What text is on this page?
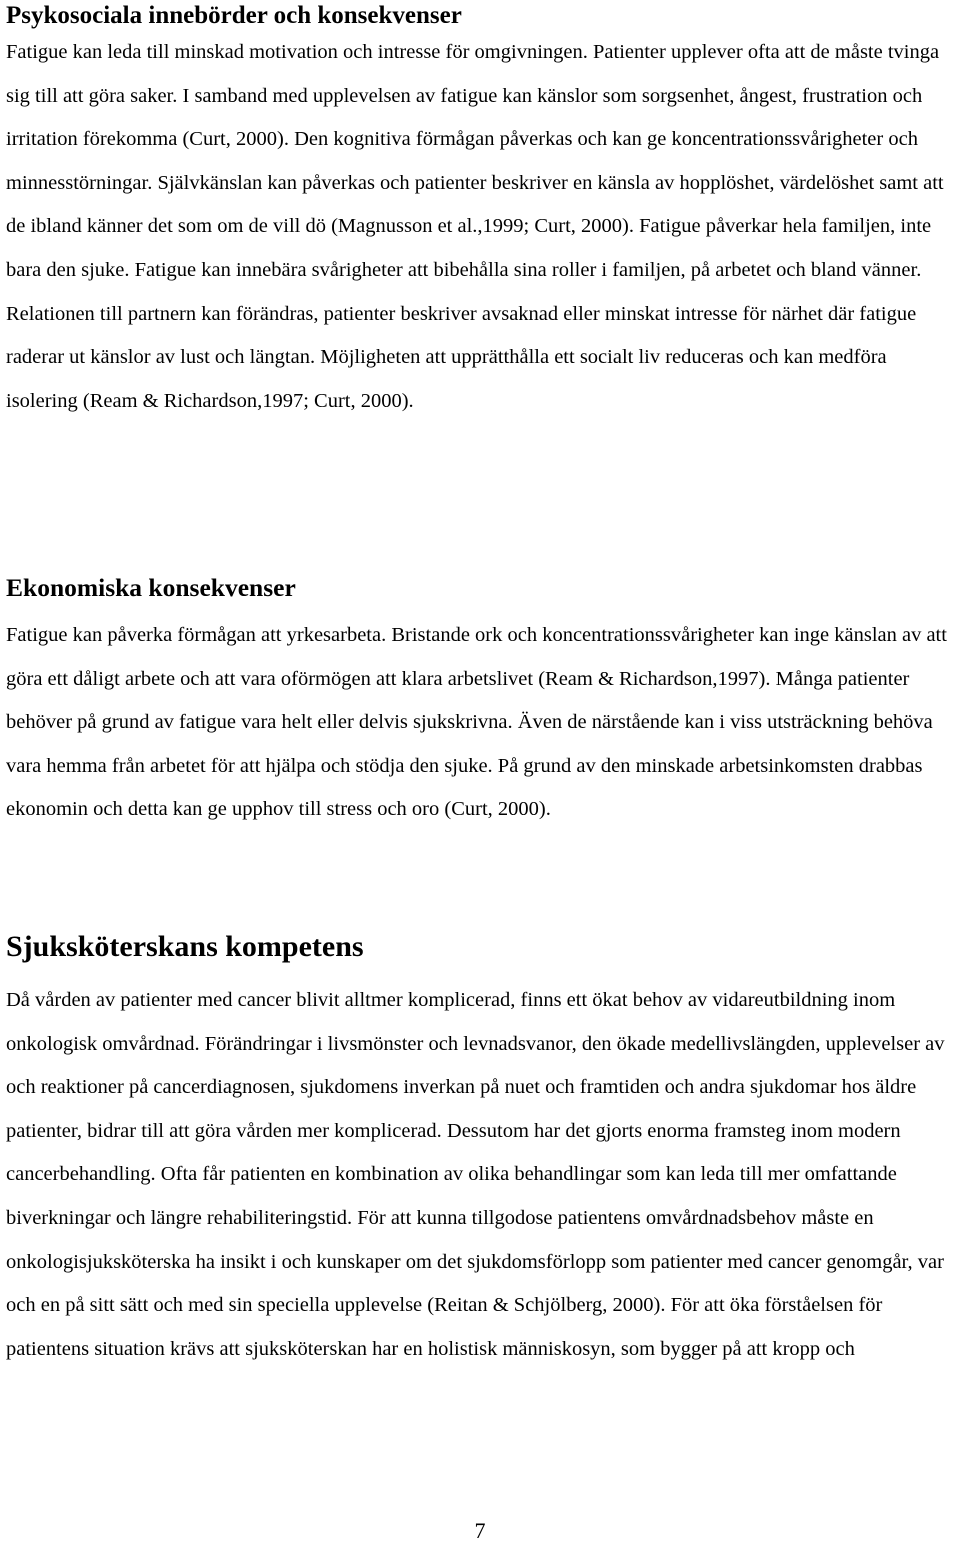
Psykosociala innebörder och konsekvenser

Fatigue kan leda till minskad motivation och intresse för omgivningen. Patienter upplever ofta att de måste tvinga sig till att göra saker. I samband med upplevelsen av fatigue kan känslor som sorgsenhet, ångest, frustration och irritation förekomma (Curt, 2000). Den kognitiva förmågan påverkas och kan ge koncentrationssvårigheter och minnesstörningar. Självkänslan kan påverkas och patienter beskriver en känsla av hopplöshet, värdelöshet samt att de ibland känner det som om de vill dö (Magnusson et al.,1999; Curt, 2000). Fatigue påverkar hela familjen, inte bara den sjuke. Fatigue kan innebära svårigheter att bibehålla sina roller i familjen, på arbetet och bland vänner. Relationen till partnern kan förändras, patienter beskriver avsaknad eller minskat intresse för närhet där fatigue raderar ut känslor av lust och längtan. Möjligheten att upprätthålla ett socialt liv reduceras och kan medföra isolering (Ream & Richardson,1997; Curt, 2000).

Ekonomiska konsekvenser

Fatigue kan påverka förmågan att yrkesarbeta. Bristande ork och koncentrationssvårigheter kan inge känslan av att göra ett dåligt arbete och att vara oförmögen att klara arbetslivet (Ream & Richardson,1997). Många patienter behöver på grund av fatigue vara helt eller delvis sjukskrivna. Även de närstående kan i viss utsträckning behöva vara hemma från arbetet för att hjälpa och stödja den sjuke. På grund av den minskade arbetsinkomsten drabbas ekonomin och detta kan ge upphov till stress och oro (Curt, 2000).

Sjuksköterskans kompetens

Då vården av patienter med cancer blivit alltmer komplicerad, finns ett ökat behov av vidareutbildning inom onkologisk omvårdnad. Förändringar i livsmönster och levnadsvanor, den ökade medellivslängden, upplevelser av och reaktioner på cancerdiagnosen, sjukdomens inverkan på nuet och framtiden och andra sjukdomar hos äldre patienter, bidrar till att göra vården mer komplicerad. Dessutom har det gjorts enorma framsteg inom modern cancerbehandling. Ofta får patienten en kombination av olika behandlingar som kan leda till mer omfattande biverkningar och längre rehabiliteringstid. För att kunna tillgodose patientens omvårdnadsbehov måste en onkologisjuksköterska ha insikt i och kunskaper om det sjukdomsförlopp som patienter med cancer genomgår, var och en på sitt sätt och med sin speciella upplevelse (Reitan & Schjölberg, 2000). För att öka förståelsen för patientens situation krävs att sjuksköterskan har en holistisk människosyn, som bygger på att kropp och

7
